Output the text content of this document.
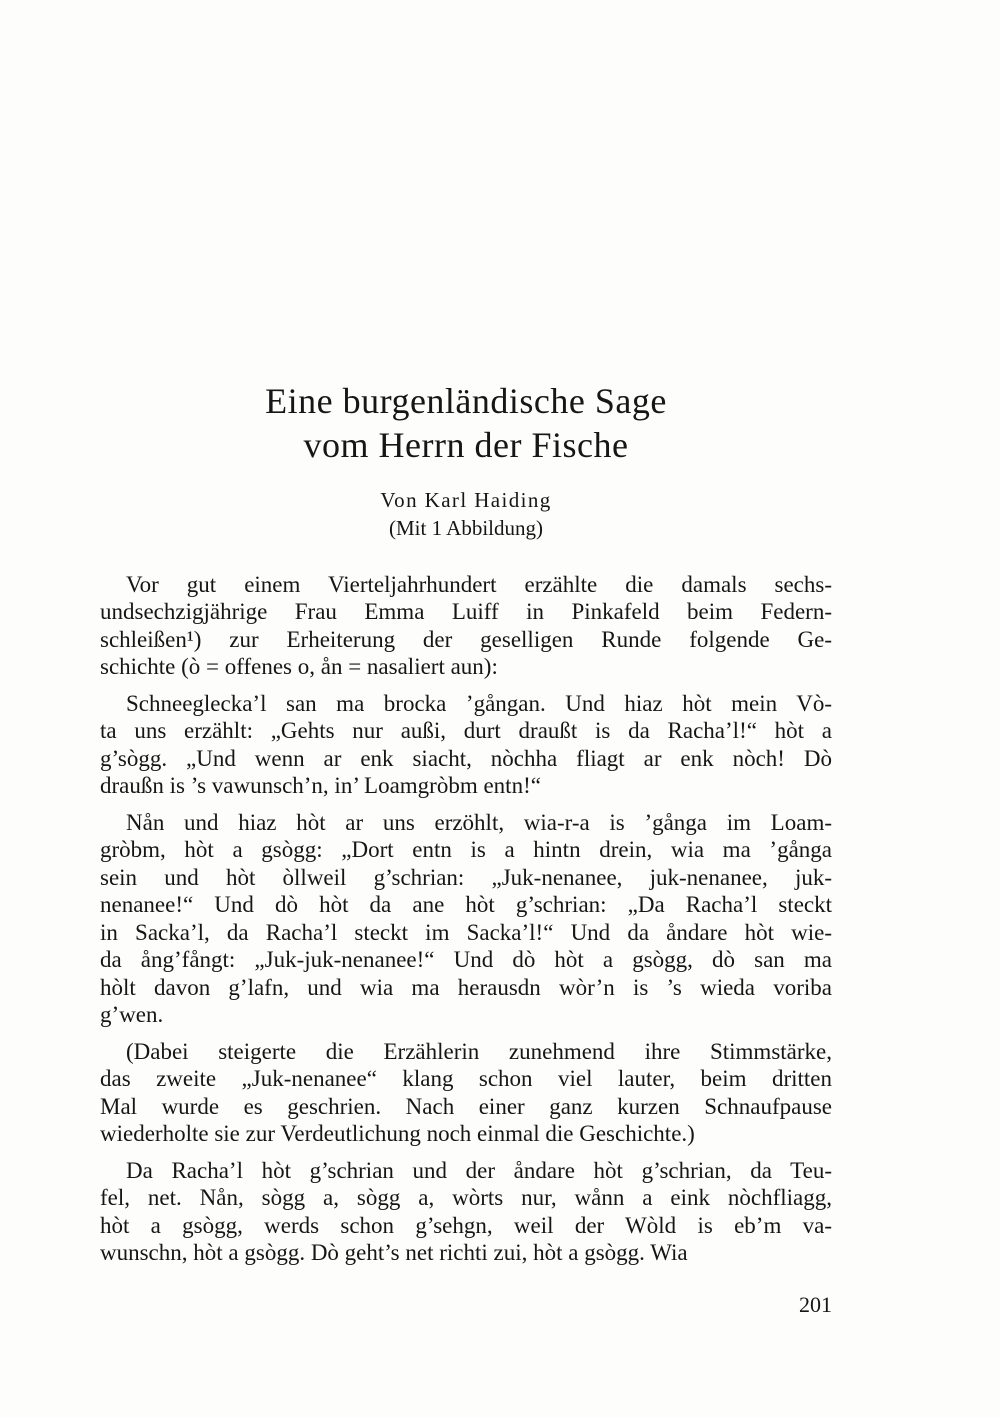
Eine burgenländische Sage
vom Herrn der Fische
Von Karl Haiding
(Mit 1 Abbildung)
Vor gut einem Vierteljahrhundert erzählte die damals sechs-
undsechzigjährige Frau Emma Luiff in Pinkafeld beim Federn-
schleißen¹) zur Erheiterung der geselligen Runde folgende Ge-
schichte (ò = offenes o, ån = nasaliert aun):
Schneeglecka’l san ma brocka ’gångan. Und hiaz hòt mein Vò-
ta uns erzählt: „Gehts nur außi, durt draußt is da Racha’l!“ hòt a
g’sògg. „Und wenn ar enk siacht, nòchha fliagt ar enk nòch! Dò
draußn is ’s vawunsch’n, in’ Loamgròbm entn!“
Nån und hiaz hòt ar uns erzöhlt, wia-r-a is ’gånga im Loam-
gròbm, hòt a gsògg: „Dort entn is a hintn drein, wia ma ’gånga
sein und hòt òllweil g’schrian: „Juk-nenanee, juk-nenanee, juk-
nenanee!“ Und dò hòt da ane hòt g’schrian: „Da Racha’l steckt
in Sacka’l, da Racha’l steckt im Sacka’l!“ Und da åndare hòt wie-
da ång’fångt: „Juk-juk-nenanee!“ Und dò hòt a gsògg, dò san ma
hòlt davon g’lafn, und wia ma herausdn wòr’n is ’s wieda voriba
g’wen.
(Dabei steigerte die Erzählerin zunehmend ihre Stimmstärke,
das zweite „Juk-nenanee“ klang schon viel lauter, beim dritten
Mal wurde es geschrien. Nach einer ganz kurzen Schnaufpause
wiederholte sie zur Verdeutlichung noch einmal die Geschichte.)
Da Racha’l hòt g’schrian und der åndare hòt g’schrian, da Teu-
fel, net. Nån, sògg a, sògg a, wòrts nur, wånn a eink nòchfliagg,
hòt a gsògg, werds schon g’sehgn, weil der Wòld is eb’m va-
wunschn, hòt a gsògg. Dò geht’s net richti zui, hòt a gsògg. Wia
201
